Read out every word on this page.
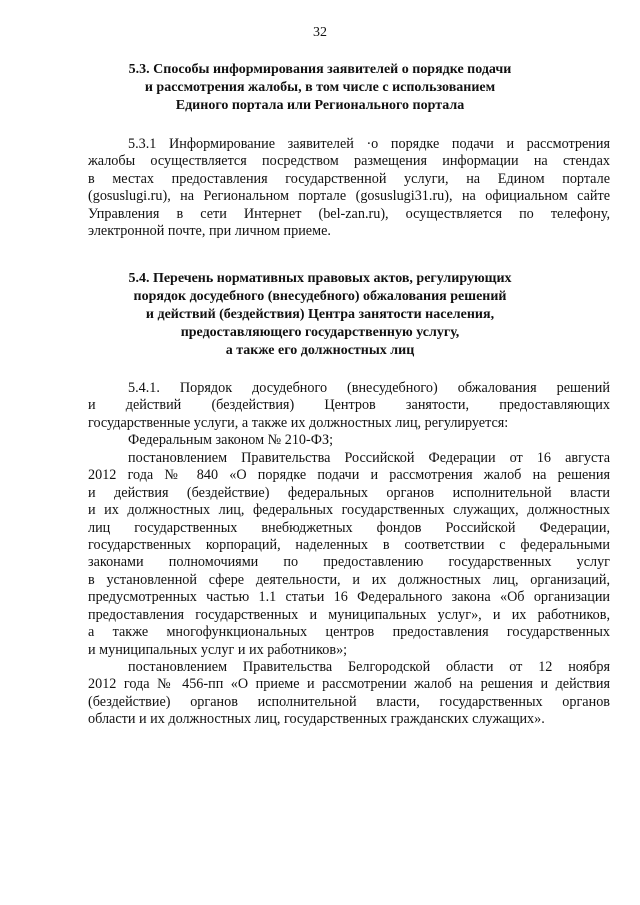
32
5.3. Способы информирования заявителей о порядке подачи
и рассмотрения жалобы, в том числе с использованием
Единого портала или Регионального портала
5.3.1 Информирование заявителей ·о порядке подачи и рассмотрения
жалобы осуществляется посредством размещения информации на стендах
в местах предоставления государственной услуги, на Едином портале
(gosuslugi.ru), на Региональном портале (gosuslugi31.ru), на официальном сайте
Управления в сети Интернет (bel-zan.ru), осуществляется по телефону,
электронной почте, при личном приеме.
5.4. Перечень нормативных правовых актов, регулирующих
порядок досудебного (внесудебного) обжалования решений
и действий (бездействия) Центра занятости населения,
предоставляющего государственную услугу,
а также его должностных лиц
5.4.1. Порядок досудебного (внесудебного) обжалования решений
и действий (бездействия) Центров занятости, предоставляющих
государственные услуги, а также их должностных лиц, регулируется:
Федеральным законом № 210-ФЗ;
постановлением Правительства Российской Федерации от 16 августа
2012 года № 840 «О порядке подачи и рассмотрения жалоб на решения
и действия (бездействие) федеральных органов исполнительной власти
и их должностных лиц, федеральных государственных служащих, должностных
лиц государственных внебюджетных фондов Российской Федерации,
государственных корпораций, наделенных в соответствии с федеральными
законами полномочиями по предоставлению государственных услуг
в установленной сфере деятельности, и их должностных лиц, организаций,
предусмотренных частью 1.1 статьи 16 Федерального закона «Об организации
предоставления государственных и муниципальных услуг», и их работников,
а также многофункциональных центров предоставления государственных
и муниципальных услуг и их работников»;
постановлением Правительства Белгородской области от 12 ноября
2012 года № 456-пп «О приеме и рассмотрении жалоб на решения и действия
(бездействие) органов исполнительной власти, государственных органов
области и их должностных лиц, государственных гражданских служащих».
